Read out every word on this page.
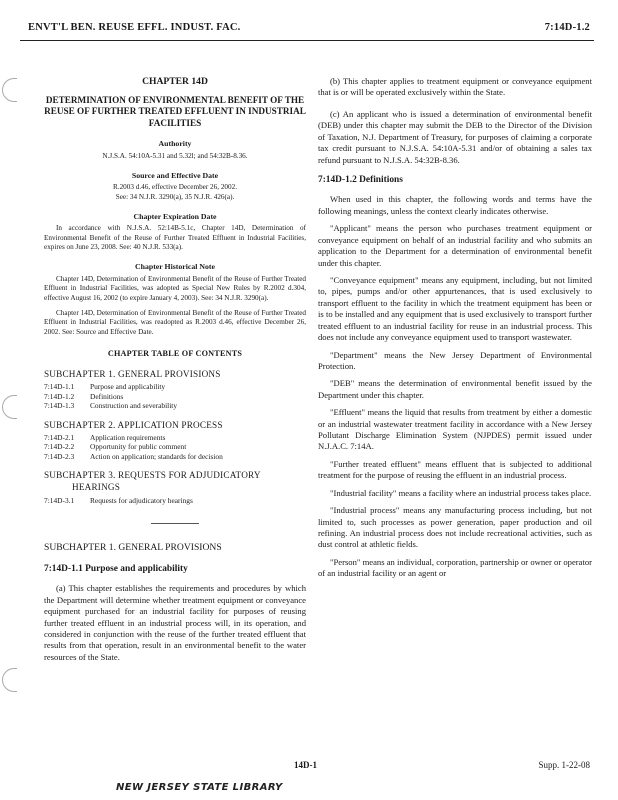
ENVT'L BEN. REUSE EFFL. INDUST. FAC.	7:14D-1.2
CHAPTER 14D
DETERMINATION OF ENVIRONMENTAL BENEFIT OF THE REUSE OF FURTHER TREATED EFFLUENT IN INDUSTRIAL FACILITIES
Authority
N.J.S.A. 54:10A-5.31 and 5.32l; and 54:32B-8.36.
Source and Effective Date
R.2003 d.46, effective December 26, 2002.
See: 34 N.J.R. 3290(a), 35 N.J.R. 426(a).
Chapter Expiration Date

In accordance with N.J.S.A. 52:14B-5.1c, Chapter 14D, Determination of Environmental Benefit of the Reuse of Further Treated Effluent in Industrial Facilities, expires on June 23, 2008. See: 40 N.J.R. 533(a).

Chapter Historical Note

Chapter 14D, Determination of Environmental Benefit of the Reuse of Further Treated Effluent in Industrial Facilities, was adopted as Special New Rules by R.2002 d.304, effective August 16, 2002 (to expire January 4, 2003). See: 34 N.J.R. 3290(a).

Chapter 14D, Determination of Environmental Benefit of the Reuse of Further Treated Effluent in Industrial Facilities, was readopted as R.2003 d.46, effective December 26, 2002. See: Source and Effective Date.

CHAPTER TABLE OF CONTENTS
SUBCHAPTER 1. GENERAL PROVISIONS
7:14D-1.1	Purpose and applicability
7:14D-1.2	Definitions
7:14D-1.3	Construction and severability
SUBCHAPTER 2. APPLICATION PROCESS
7:14D-2.1	Application requirements
7:14D-2.2	Opportunity for public comment
7:14D-2.3	Action on application; standards for decision
SUBCHAPTER 3. REQUESTS FOR ADJUDICATORY
HEARINGS
7:14D-3.1	Requests for adjudicatory hearings
SUBCHAPTER 1. GENERAL PROVISIONS
7:14D-1.1 Purpose and applicability

(a) This chapter establishes the requirements and procedures by which the Department will determine whether treatment equipment or conveyance equipment purchased for an industrial facility for purposes of reusing further treated effluent in an industrial process will, in its operation, and considered in conjunction with the reuse of the further treated effluent that results from that operation, result in an environmental benefit to the water resources of the State.

(b) This chapter applies to treatment equipment or conveyance equipment that is or will be operated exclusively within the State.

(c) An applicant who is issued a determination of environmental benefit (DEB) under this chapter may submit the DEB to the Director of the Division of Taxation, N.J. Department of Treasury, for purposes of claiming a corporate tax credit pursuant to N.J.S.A. 54:10A-5.31 and/or of obtaining a sales tax refund pursuant to N.J.S.A. 54:32B-8.36.

7:14D-1.2 Definitions

When used in this chapter, the following words and terms have the following meanings, unless the context clearly indicates otherwise.

"Applicant" means the person who purchases treatment equipment or conveyance equipment on behalf of an industrial facility and who submits an application to the Department for a determination of environmental benefit under this chapter.

"Conveyance equipment" means any equipment, including, but not limited to, pipes, pumps and/or other appurtenances, that is used exclusively to transport effluent to the facility in which the treatment equipment has been or is to be installed and any equipment that is used exclusively to transport further treated effluent to an industrial facility for reuse in an industrial process. This does not include any conveyance equipment used to transport wastewater.

"Department" means the New Jersey Department of Environmental Protection.

"DEB" means the determination of environmental benefit issued by the Department under this chapter.

"Effluent" means the liquid that results from treatment by either a domestic or an industrial wastewater treatment facility in accordance with a New Jersey Pollutant Discharge Elimination System (NJPDES) permit issued under N.J.A.C. 7:14A.

"Further treated effluent" means effluent that is subjected to additional treatment for the purpose of reusing the effluent in an industrial process.

"Industrial facility" means a facility where an industrial process takes place.

"Industrial process" means any manufacturing process including, but not limited to, such processes as power generation, paper production and oil refining. An industrial process does not include recreational activities, such as dust control at athletic fields.

"Person" means an individual, corporation, partnership or owner or operator of an industrial facility or an agent or

14D-1	Supp. 1-22-08
NEW JERSEY STATE LIBRARY
